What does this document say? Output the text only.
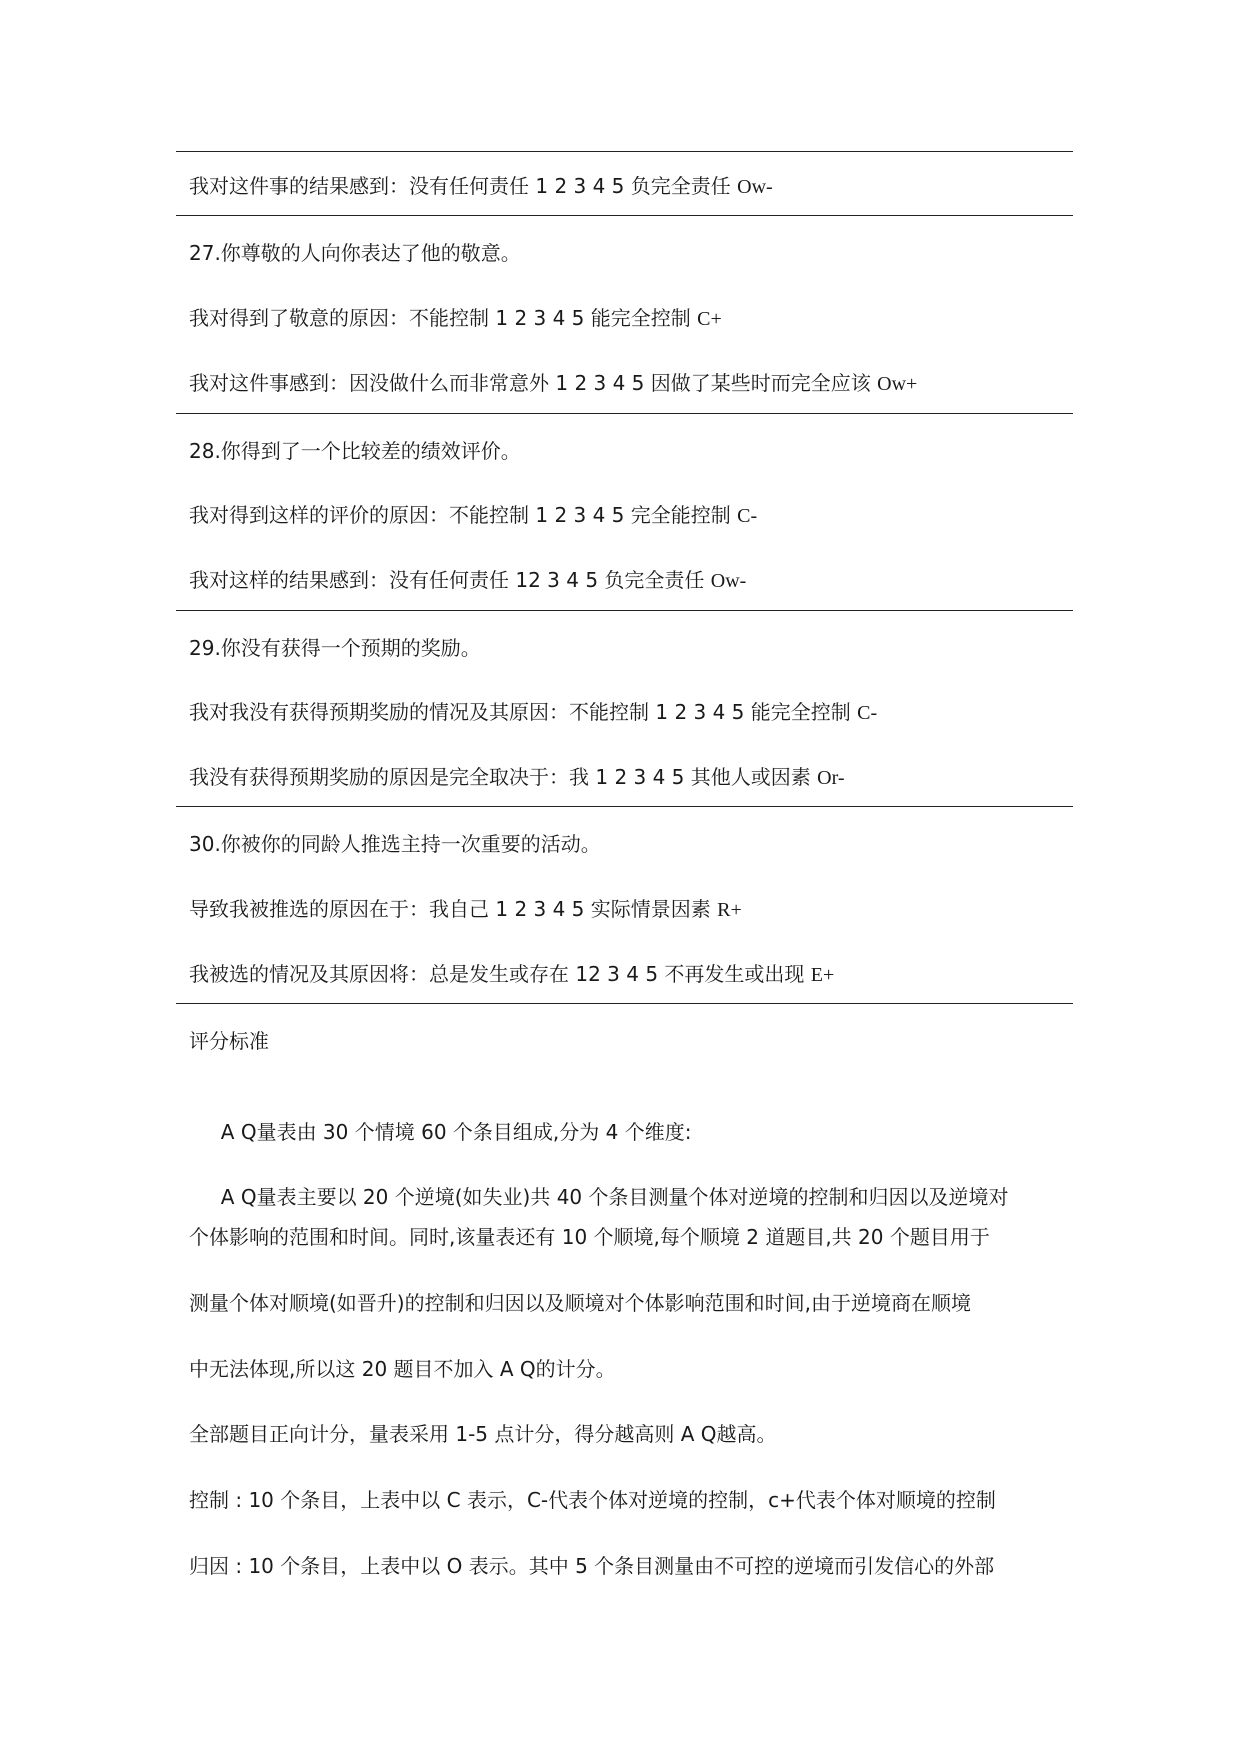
我对这件事的结果感到：没有任何责任 1 2 3 4 5 负完全责任 Ow-
27.你尊敬的人向你表达了他的敬意。
我对得到了敬意的原因：不能控制 1 2 3 4 5 能完全控制 C+
我对这件事感到：因没做什么而非常意外 1 2 3 4 5 因做了某些时而完全应该 Ow+
28.你得到了一个比较差的绩效评价。
我对得到这样的评价的原因：不能控制 1 2 3 4 5 完全能控制 C-
我对这样的结果感到：没有任何责任 12 3 4 5 负完全责任 Ow-
29.你没有获得一个预期的奖励。
我对我没有获得预期奖励的情况及其原因：不能控制 1 2 3 4 5 能完全控制 C-
我没有获得预期奖励的原因是完全取决于：我 1 2 3 4 5 其他人或因素 Or-
30.你被你的同龄人推选主持一次重要的活动。
导致我被推选的原因在于：我自己 1 2 3 4 5 实际情景因素 R+
我被选的情况及其原因将：总是发生或存在 12 3 4 5 不再发生或出现 E+
评分标准

A Q量表由 30 个情境 60 个条目组成,分为 4 个维度:

A Q量表主要以 20 个逆境(如失业)共 40 个条目测量个体对逆境的控制和归因以及逆境对

个体影响的范围和时间。同时,该量表还有 10 个顺境,每个顺境 2 道题目,共 20 个题目用于
测量个体对顺境(如晋升)的控制和归因以及顺境对个体影响范围和时间,由于逆境商在顺境
中无法体现,所以这 20 题目不加入 A Q的计分。
全部题目正向计分，量表采用 1-5 点计分，得分越高则 A Q越高。
控制 : 10 个条目，上表中以 C 表示，C-代表个体对逆境的控制，c+代表个体对顺境的控制
归因 : 10 个条目，上表中以 O 表示。其中 5 个条目测量由不可控的逆境而引发信心的外部
